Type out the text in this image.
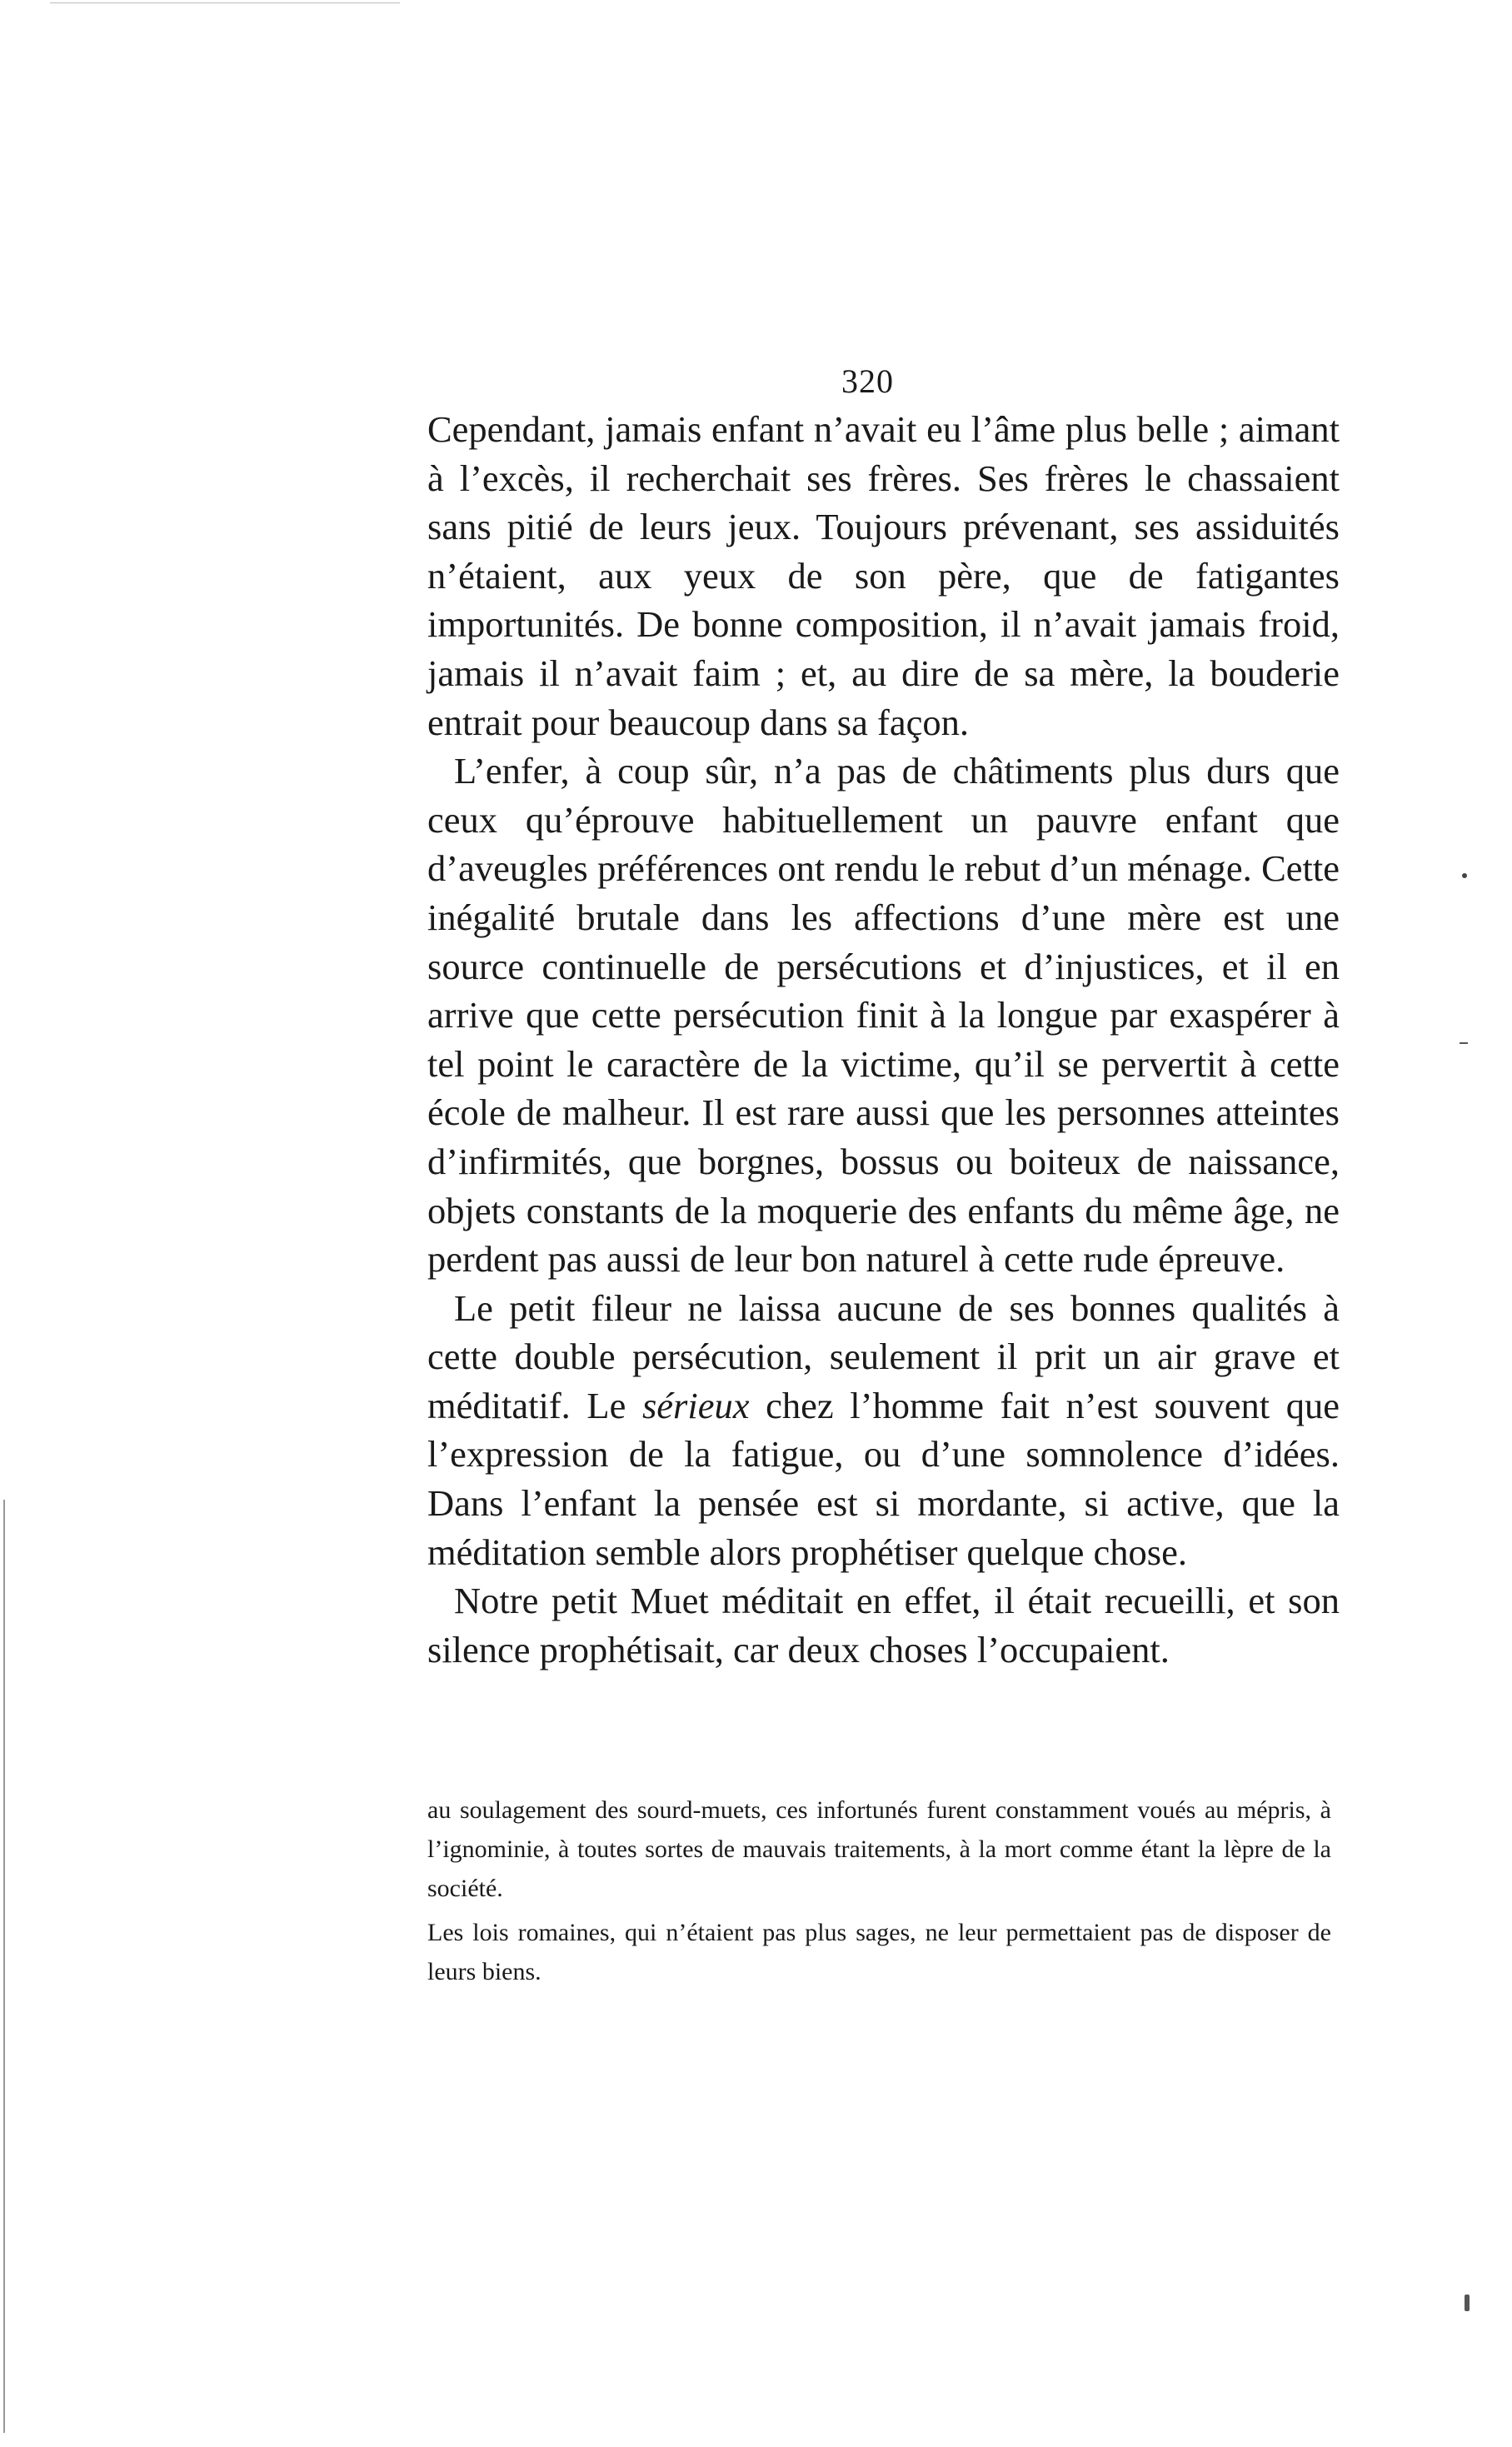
320

Cependant, jamais enfant n’avait eu l’âme plus belle ; aimant à l’excès, il recherchait ses frères. Ses frères le chassaient sans pitié de leurs jeux. Toujours prévenant, ses assiduités n’étaient, aux yeux de son père, que de fatigantes importunités. De bonne composition, il n’avait jamais froid, jamais il n’avait faim ; et, au dire de sa mère, la bouderie entrait pour beaucoup dans sa façon.

L’enfer, à coup sûr, n’a pas de châtiments plus durs que ceux qu’éprouve habituellement un pauvre enfant que d’aveugles préférences ont rendu le rebut d’un ménage. Cette inégalité brutale dans les affections d’une mère est une source continuelle de persécutions et d’injustices, et il en arrive que cette persécution finit à la longue par exaspérer à tel point le caractère de la victime, qu’il se pervertit à cette école de malheur. Il est rare aussi que les personnes atteintes d’infirmités, que borgnes, bossus ou boiteux de naissance, objets constants de la moquerie des enfants du même âge, ne perdent pas aussi de leur bon naturel à cette rude épreuve.

Le petit fileur ne laissa aucune de ses bonnes qualités à cette double persécution, seulement il prit un air grave et méditatif. Le sérieux chez l’homme fait n’est souvent que l’expression de la fatigue, ou d’une somnolence d’idées. Dans l’enfant la pensée est si mordante, si active, que la méditation semble alors prophétiser quelque chose.

Notre petit Muet méditait en effet, il était recueilli, et son silence prophétisait, car deux choses l’occupaient.

au soulagement des sourd-muets, ces infortunés furent constamment voués au mépris, à l’ignominie, à toutes sortes de mauvais traitements, à la mort comme étant la lèpre de la société.

Les lois romaines, qui n’étaient pas plus sages, ne leur permettaient pas de disposer de leurs biens.
